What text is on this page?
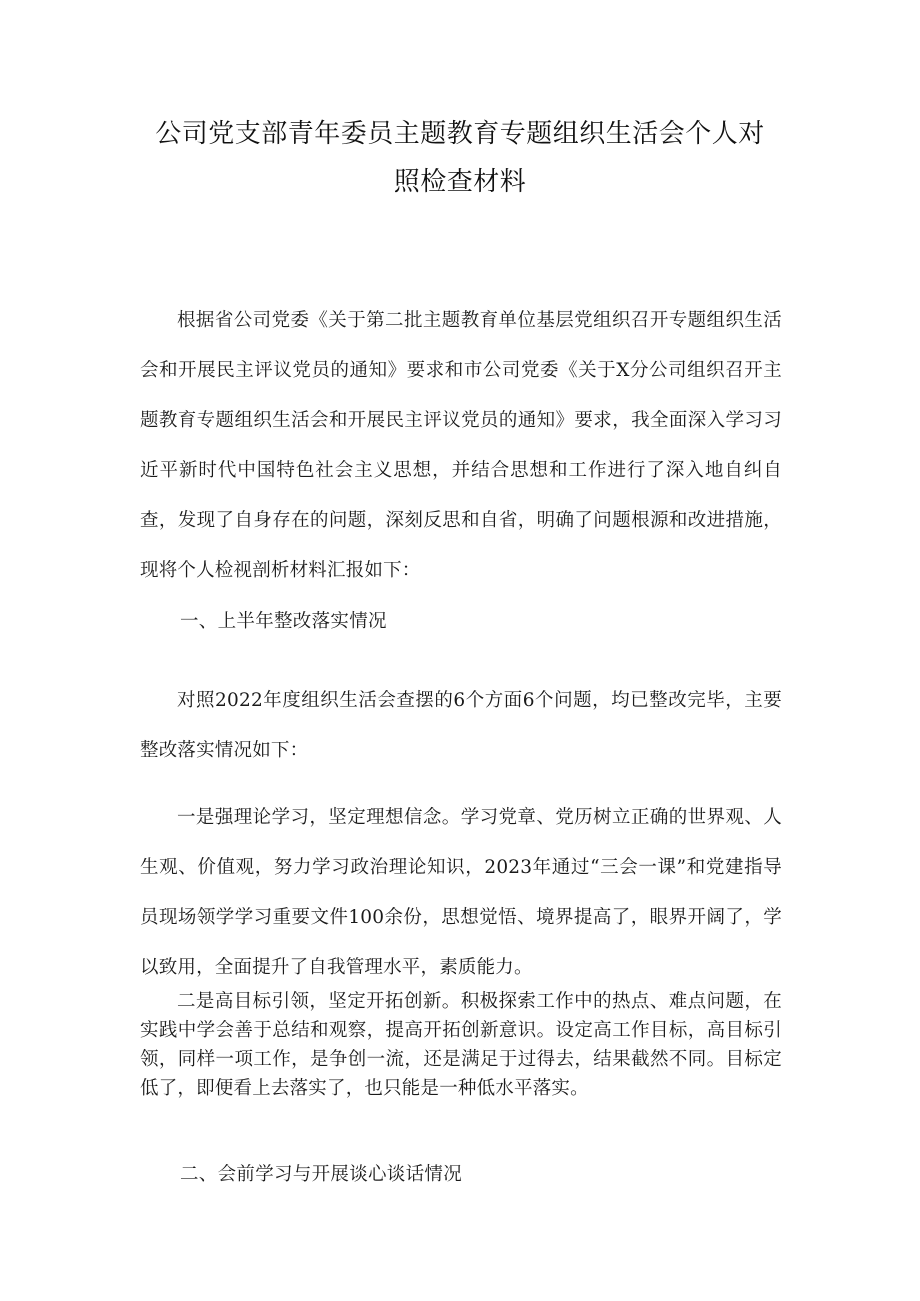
公司党支部青年委员主题教育专题组织生活会个人对
照检查材料

根据省公司党委《关于第二批主题教育单位基层党组织召开专题组织生活会和开展民主评议党员的通知》要求和市公司党委《关于X分公司组织召开主题教育专题组织生活会和开展民主评议党员的通知》要求，我全面深入学习习近平新时代中国特色社会主义思想，并结合思想和工作进行了深入地自纠自查，发现了自身存在的问题，深刻反思和自省，明确了问题根源和改进措施，现将个人检视剖析材料汇报如下：

一、上半年整改落实情况

对照2022年度组织生活会查摆的6个方面6个问题，均已整改完毕，主要整改落实情况如下：

一是强理论学习，坚定理想信念。学习党章、党历树立正确的世界观、人生观、价值观，努力学习政治理论知识，2023年通过“三会一课”和党建指导员现场领学学习重要文件100余份，思想觉悟、境界提高了，眼界开阔了，学以致用，全面提升了自我管理水平，素质能力。

二是高目标引领，坚定开拓创新。积极探索工作中的热点、难点问题，在实践中学会善于总结和观察，提高开拓创新意识。设定高工作目标，高目标引领，同样一项工作，是争创一流，还是满足于过得去，结果截然不同。目标定低了，即便看上去落实了，也只能是一种低水平落实。

二、会前学习与开展谈心谈话情况
